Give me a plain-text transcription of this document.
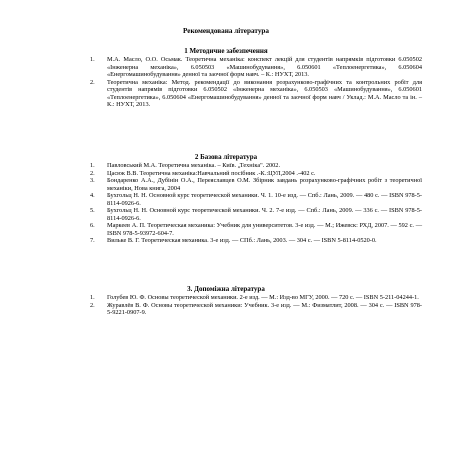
Рекомендована література
1 Методичне забезпечення
1. М.А. Масло, О.О. Осьмак. Теоретична механіка: конспект лекцій для студентів напрямків підготовки 6.050502 «Інженерна механіка», 6.050503 «Машинобудування», 6.050601 «Теплоенергетика», 6.050604 «Енергомашинобудування» денної та заочної форм навч. – К.: НУХТ, 2013.
2. Теоретична механіка: Метод. рекомендації до виконання розрахунково-графічних та контрольних робіт для студентів напрямів підготовки 6.050502 «Інженерна механіка», 6.050503 «Машинобудування», 6.050601 «Теплоенергетика», 6.050604 «Енергомашинобудування» денної та заочної форм навч / Уклад.: М.А. Масло та ін. – К.: НУХТ, 2013.
2 Базова література
1. Павловський М.А. Теоретична механіка. – Київ. „Техніка". 2002.
2. Цасюк В.В. Теоретична механіка:Навчальний посібник .-К.:ЦУЛ,2004 .-402 с.
3. Бондаренко А.А., Дубінін О.А., Переяславцев О.М. Збірник завдань розрахунково-графічних робіт з теоретичної механіки, Нова книга, 2004
4. Бухгольц Н. Н. Основной курс теоретической механики. Ч. 1. 10-е изд. — Спб.: Лань, 2009. — 480 с. — ISBN 978-5-8114-0926-6.
5. Бухгольц Н. Н. Основной курс теоретической механики. Ч. 2. 7-е изд. — Спб.: Лань, 2009. — 336 с. — ISBN 978-5-8114-0926-6.
6. Маркеев А. П. Теоретическая механика: Учебник для университетов. 3-е изд. — М.; Ижевск: РХД, 2007. — 592 с. — ISBN 978-5-93972-604-7.
7. Вильке В. Г. Теоретическая механика. 3-е изд. — СПб.: Лань, 2003. — 304 с. — ISBN 5-8114-0520-0.
3. Допоміжна література
1. Голубев Ю. Ф. Основы теоретической механики. 2-е изд. — М.: Изд-во МГУ, 2000. — 720 с. — ISBN 5-211-04244-1.
2. Журавлёв В. Ф. Основы теоретической механики: Учебник. 3-е изд. — М.: Физматлит, 2008. — 304 с. — ISBN 978-5-9221-0907-9.
